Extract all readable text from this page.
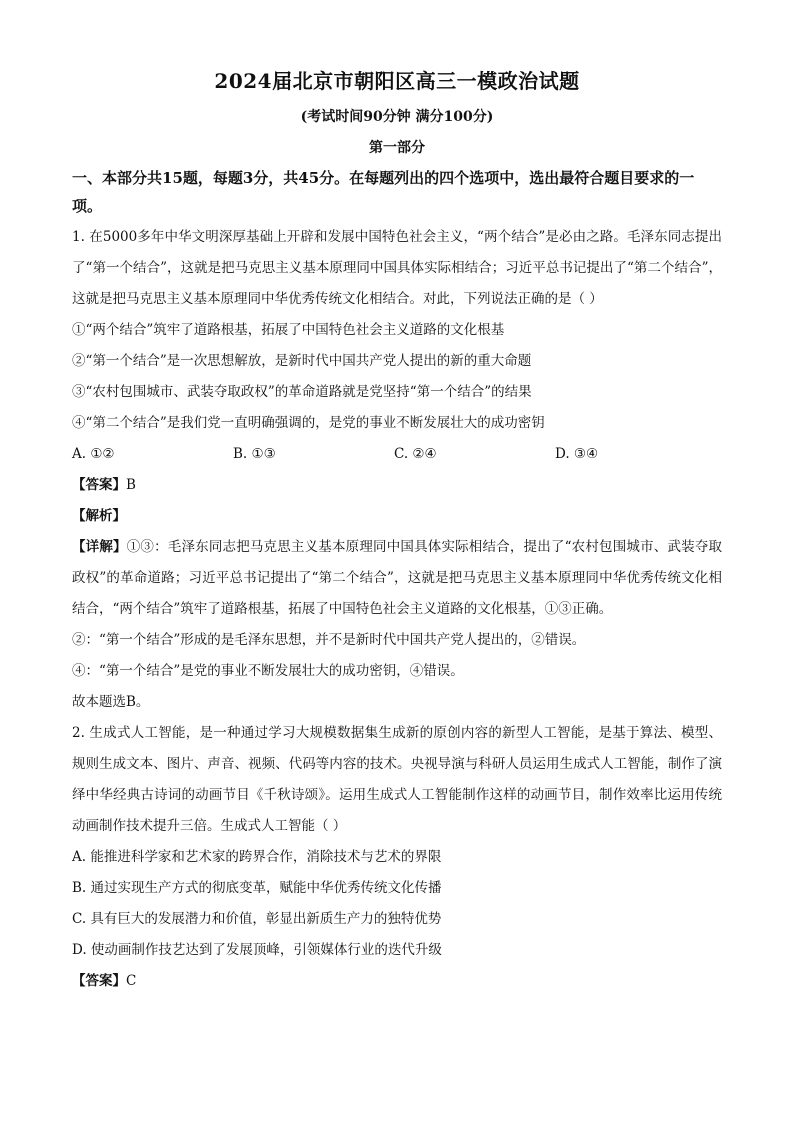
2024届北京市朝阳区高三一模政治试题
(考试时间90分钟 满分100分)
第一部分
一、本部分共15题，每题3分，共45分。在每题列出的四个选项中，选出最符合题目要求的一项。

1. 在5000多年中华文明深厚基础上开辟和发展中国特色社会主义，“两个结合”是必由之路。毛泽东同志提出了“第一个结合”，这就是把马克思主义基本原理同中国具体实际相结合；习近平总书记提出了“第二个结合”，这就是把马克思主义基本原理同中华优秀传统文化相结合。对此，下列说法正确的是（ ）

①“两个结合”筑牢了道路根基，拓展了中国特色社会主义道路的文化根基

②“第一个结合”是一次思想解放，是新时代中国共产党人提出的新的重大命题

③“农村包围城市、武装夺取政权”的革命道路就是党坚持“第一个结合”的结果

④“第二个结合”是我们党一直明确强调的，是党的事业不断发展壮大的成功密钥

A. ①②	B. ①③	C. ②④	D. ③④

【答案】B

【解析】

【详解】①③：毛泽东同志把马克思主义基本原理同中国具体实际相结合，提出了“农村包围城市、武装夺取政权”的革命道路；习近平总书记提出了“第二个结合”，这就是把马克思主义基本原理同中华优秀传统文化相结合，“两个结合”筑牢了道路根基，拓展了中国特色社会主义道路的文化根基，①③正确。

②：“第一个结合”形成的是毛泽东思想，并不是新时代中国共产党人提出的，②错误。

④：“第一个结合”是党的事业不断发展壮大的成功密钥，④错误。

故本题选B。

2. 生成式人工智能，是一种通过学习大规模数据集生成新的原创内容的新型人工智能，是基于算法、模型、规则生成文本、图片、声音、视频、代码等内容的技术。央视导演与科研人员运用生成式人工智能，制作了演绎中华经典古诗词的动画节目《千秋诗颂》。运用生成式人工智能制作这样的动画节目，制作效率比运用传统动画制作技术提升三倍。生成式人工智能（ ）

A. 能推进科学家和艺术家的跨界合作，消除技术与艺术的界限

B. 通过实现生产方式的彻底变革，赋能中华优秀传统文化传播

C. 具有巨大的发展潜力和价值，彰显出新质生产力的独特优势

D. 使动画制作技艺达到了发展顶峰，引领媒体行业的迭代升级

【答案】C
